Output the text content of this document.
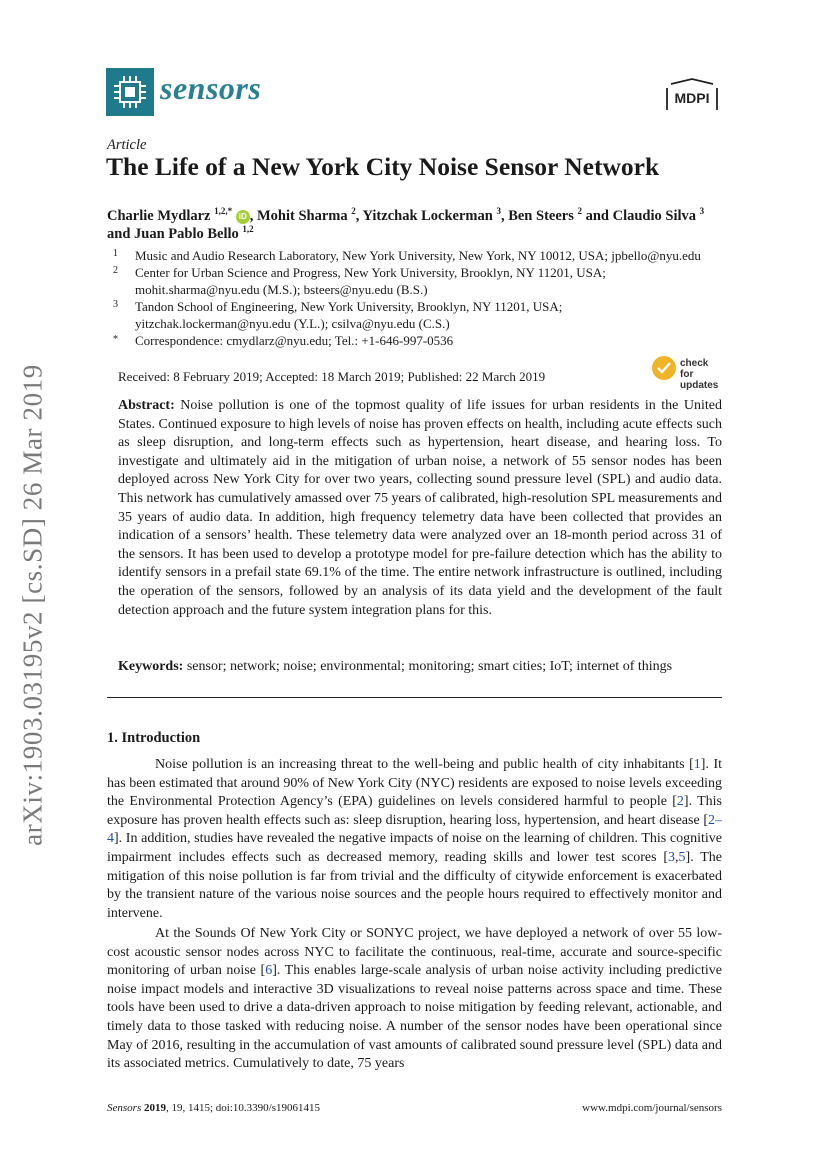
arXiv:1903.03195v2 [cs.SD] 26 Mar 2019
sensors	MDPI
Article
The Life of a New York City Noise Sensor Network
Charlie Mydlarz $^{1,2,*}$ iD , Mohit Sharma $^2$, Yitzchak Lockerman $^3$, Ben Steers $^2$ and Claudio Silva $^3$
and Juan Pablo Bello $^{1,2}$
1 Music and Audio Research Laboratory, New York University, New York, NY 10012, USA; jpbello@nyu.edu
2 Center for Urban Science and Progress, New York University, Brooklyn, NY 11201, USA;
mohit.sharma@nyu.edu (M.S.); bsteers@nyu.edu (B.S.)
3 Tandon School of Engineering, New York University, Brooklyn, NY 11201, USA;
yitzchak.lockerman@nyu.edu (Y.L.); csilva@nyu.edu (C.S.)
* Correspondence: cmydlarz@nyu.edu; Tel.: +1-646-997-0536
Received: 8 February 2019; Accepted: 18 March 2019; Published: 22 March 2019
check for
updates
Abstract: Noise pollution is one of the topmost quality of life issues for urban residents in the United States. Continued exposure to high levels of noise has proven effects on health, including acute effects such as sleep disruption, and long-term effects such as hypertension, heart disease, and hearing loss. To investigate and ultimately aid in the mitigation of urban noise, a network of 55 sensor nodes has been deployed across New York City for over two years, collecting sound pressure level (SPL) and audio data. This network has cumulatively amassed over 75 years of calibrated, high-resolution SPL measurements and 35 years of audio data. In addition, high frequency telemetry data have been collected that provides an indication of a sensors’ health. These telemetry data were analyzed over an 18-month period across 31 of the sensors. It has been used to develop a prototype model for pre-failure detection which has the ability to identify sensors in a prefail state 69.1% of the time. The entire network infrastructure is outlined, including the operation of the sensors, followed by an analysis of its data yield and the development of the fault detection approach and the future system integration plans for this.
Keywords: sensor; network; noise; environmental; monitoring; smart cities; IoT; internet of things
1. Introduction
Noise pollution is an increasing threat to the well-being and public health of city inhabitants [1]. It has been estimated that around 90% of New York City (NYC) residents are exposed to noise levels exceeding the Environmental Protection Agency’s (EPA) guidelines on levels considered harmful to people [2]. This exposure has proven health effects such as: sleep disruption, hearing loss, hypertension, and heart disease [2–4]. In addition, studies have revealed the negative impacts of noise on the learning of children. This cognitive impairment includes effects such as decreased memory, reading skills and lower test scores [3,5]. The mitigation of this noise pollution is far from trivial and the difficulty of citywide enforcement is exacerbated by the transient nature of the various noise sources and the people hours required to effectively monitor and intervene.
At the Sounds Of New York City or SONYC project, we have deployed a network of over 55 low-cost acoustic sensor nodes across NYC to facilitate the continuous, real-time, accurate and source-specific monitoring of urban noise [6]. This enables large-scale analysis of urban noise activity including predictive noise impact models and interactive 3D visualizations to reveal noise patterns across space and time. These tools have been used to drive a data-driven approach to noise mitigation by feeding relevant, actionable, and timely data to those tasked with reducing noise. A number of the sensor nodes have been operational since May of 2016, resulting in the accumulation of vast amounts of calibrated sound pressure level (SPL) data and its associated metrics. Cumulatively to date, 75 years
Sensors 2019, 19, 1415; doi:10.3390/s19061415	www.mdpi.com/journal/sensors
